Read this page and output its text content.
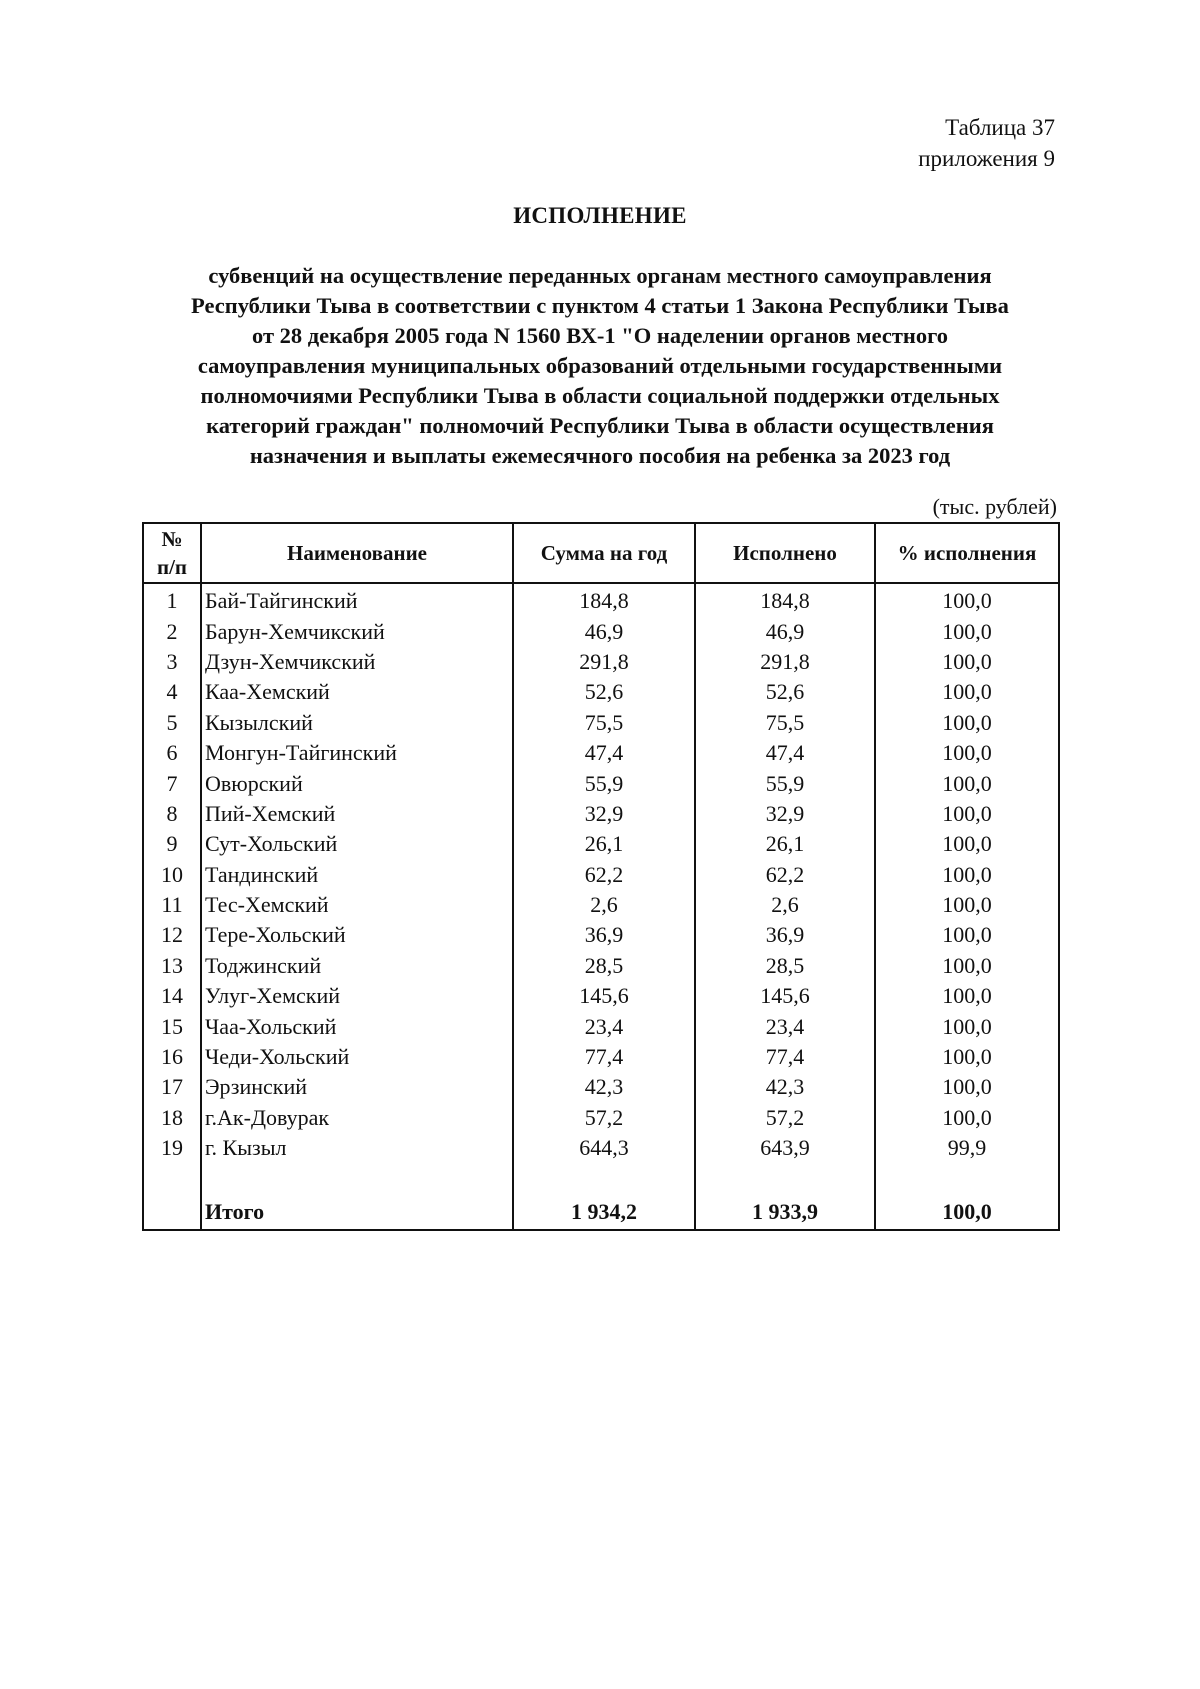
Таблица 37
приложения 9
ИСПОЛНЕНИЕ
субвенций на осуществление переданных органам местного самоуправления
Республики Тыва в соответствии с пунктом 4 статьи 1 Закона Республики Тыва
от 28 декабря 2005 года N 1560 ВХ-1 "О наделении органов местного
самоуправления муниципальных образований отдельными государственными
полномочиями Республики Тыва в области социальной поддержки отдельных
категорий граждан" полномочий Республики Тыва в области осуществления
назначения и выплаты ежемесячного пособия на ребенка за 2023 год
(тыс. рублей)
№
п/п	Наименование	Сумма на год	Исполнено	% исполнения
1	Бай-Тайгинский	184,8	184,8	100,0
2	Барун-Хемчикский	46,9	46,9	100,0
3	Дзун-Хемчикский	291,8	291,8	100,0
4	Каа-Хемский	52,6	52,6	100,0
5	Кызылский	75,5	75,5	100,0
6	Монгун-Тайгинский	47,4	47,4	100,0
7	Овюрский	55,9	55,9	100,0
8	Пий-Хемский	32,9	32,9	100,0
9	Сут-Хольский	26,1	26,1	100,0
10	Тандинский	62,2	62,2	100,0
11	Тес-Хемский	2,6	2,6	100,0
12	Тере-Хольский	36,9	36,9	100,0
13	Тоджинский	28,5	28,5	100,0
14	Улуг-Хемский	145,6	145,6	100,0
15	Чаа-Хольский	23,4	23,4	100,0
16	Чеди-Хольский	77,4	77,4	100,0
17	Эрзинский	42,3	42,3	100,0
18	г.Ак-Довурак	57,2	57,2	100,0
19	г. Кызыл	644,3	643,9	99,9

	Итого	1 934,2	1 933,9	100,0
